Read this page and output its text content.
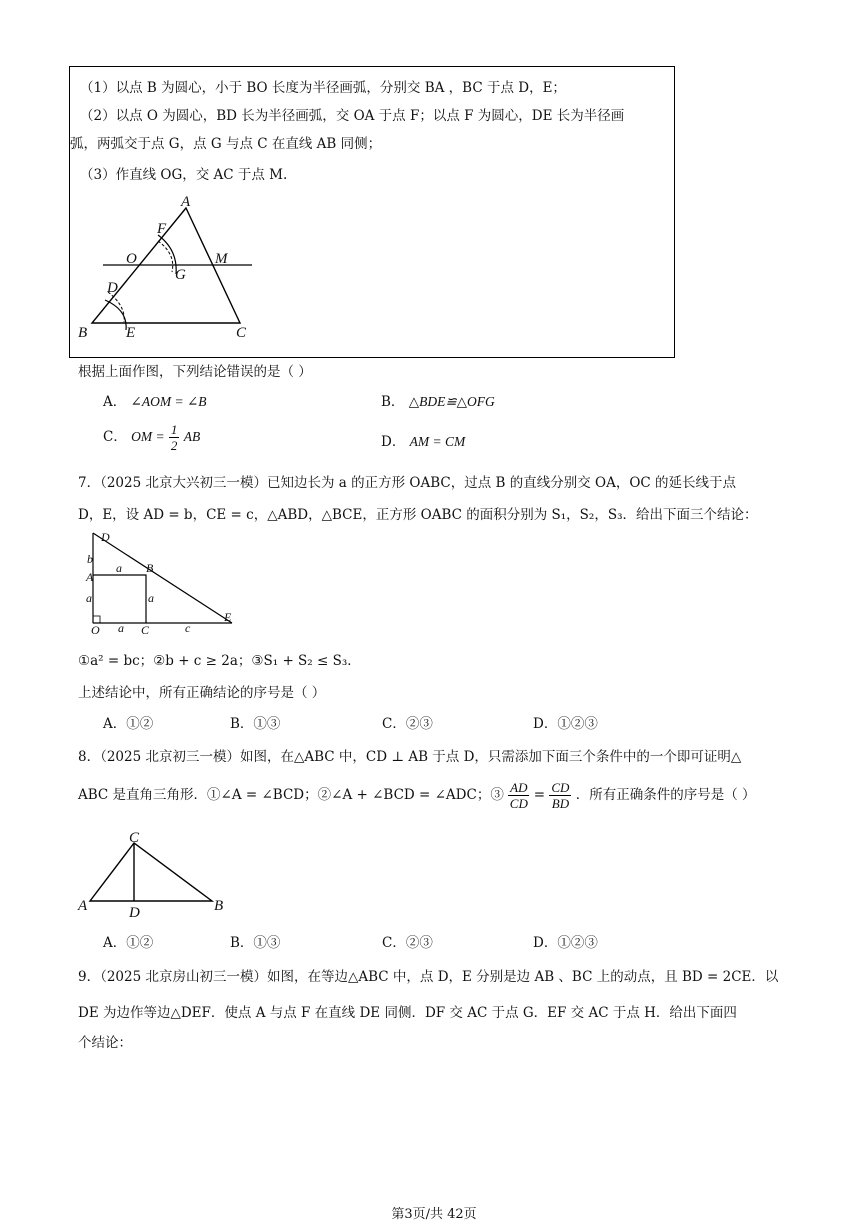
（1）以点 B 为圆心，小于 BO 长度为半径画弧，分别交 BA ，BC 于点 D，E；
（2）以点 O 为圆心，BD 长为半径画弧，交 OA 于点 F；以点 F 为圆心，DE 长为半径画
弧，两弧交于点 G，点 G 与点 C 在直线 AB 同侧；
（3）作直线 OG，交 AC 于点 M.
A
F
O	M
G
D
B	E	C
根据上面作图，下列结论错误的是（ ）
A． ∠AOM = ∠B	B． △BDE≌△OFG
C． OM = $\frac{1}{2}$ AB	D． AM = CM
7．（2025 北京大兴初三一模）已知边长为 a 的正方形 OABC，过点 B 的直线分别交 OA，OC 的延长线于点
D，E，设 AD = b，CE = c，△ABD，△BCE，正方形 OABC 的面积分别为 S₁，S₂，S₃．给出下面三个结论：
D
b
A
a B
a	a
O a C	c
E
①a² = bc；②b + c ≥ 2a；③S₁ + S₂ ≤ S₃．
上述结论中，所有正确结论的序号是（ ）
A．①②	B．①③	C．②③	D．①②③
8．（2025 北京初三一模）如图，在△ABC 中，CD ⊥ AB 于点 D，只需添加下面三个条件中的一个即可证明△
ABC 是直角三角形．①∠A = ∠BCD；②∠A + ∠BCD = ∠ADC；③ $\frac{AD}{CD} = \frac{CD}{BD}$ ．所有正确条件的序号是（ ）
C
A	D	B
A．①②	B．①③	C．②③	D．①②③
9．（2025 北京房山初三一模）如图，在等边△ABC 中，点 D，E 分别是边 AB 、BC 上的动点，且 BD = 2CE．以
DE 为边作等边△DEF．使点 A 与点 F 在直线 DE 同侧．DF 交 AC 于点 G．EF 交 AC 于点 H．给出下面四
个结论：
第3页/共 42页
